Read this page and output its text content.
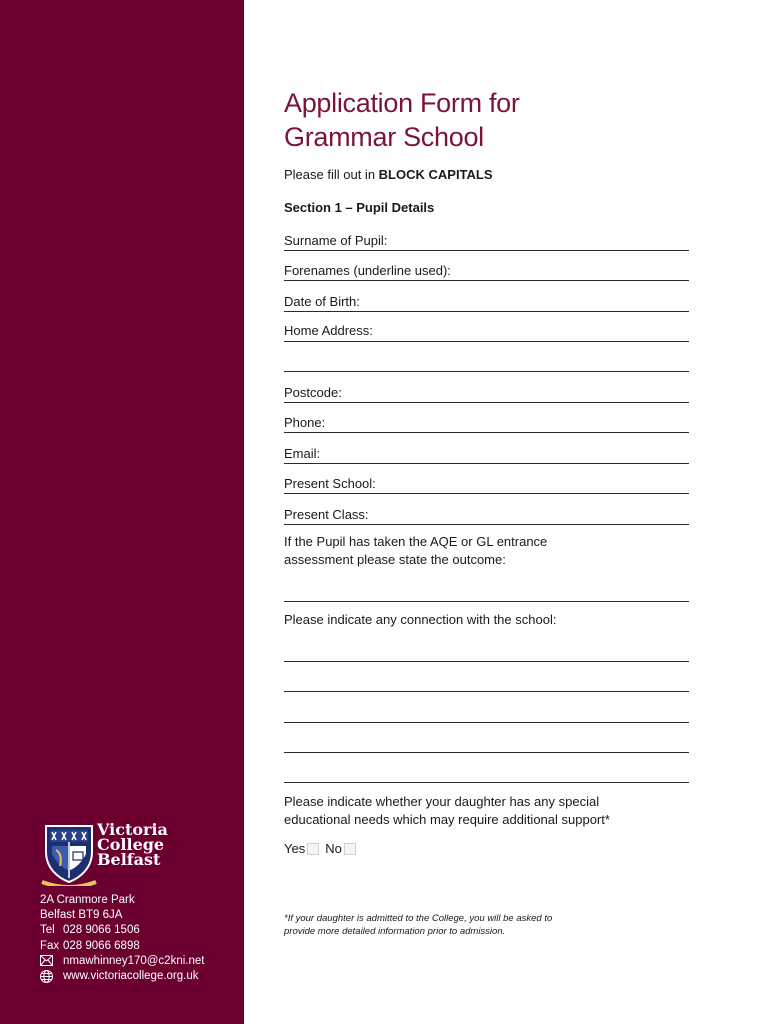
Victoria
College
Belfast
2A Cranmore Park
Belfast BT9 6JA
Tel 028 9066 1506
Fax 028 9066 6898
nmawhinney170@c2kni.net
www.victoriacollege.org.uk
Application Form for
Grammar School
Please fill out in BLOCK CAPITALS
Section 1 – Pupil Details
Surname of Pupil:
Forenames (underline used):
Date of Birth:
Home Address:
Postcode:
Phone:
Email:
Present School:
Present Class:
If the Pupil has taken the AQE or GL entrance
assessment please state the outcome:
Please indicate any connection with the school:
Please indicate whether your daughter has any special
educational needs which may require additional support*
Yes No
*If your daughter is admitted to the College, you will be asked to
provide more detailed information prior to admission.
